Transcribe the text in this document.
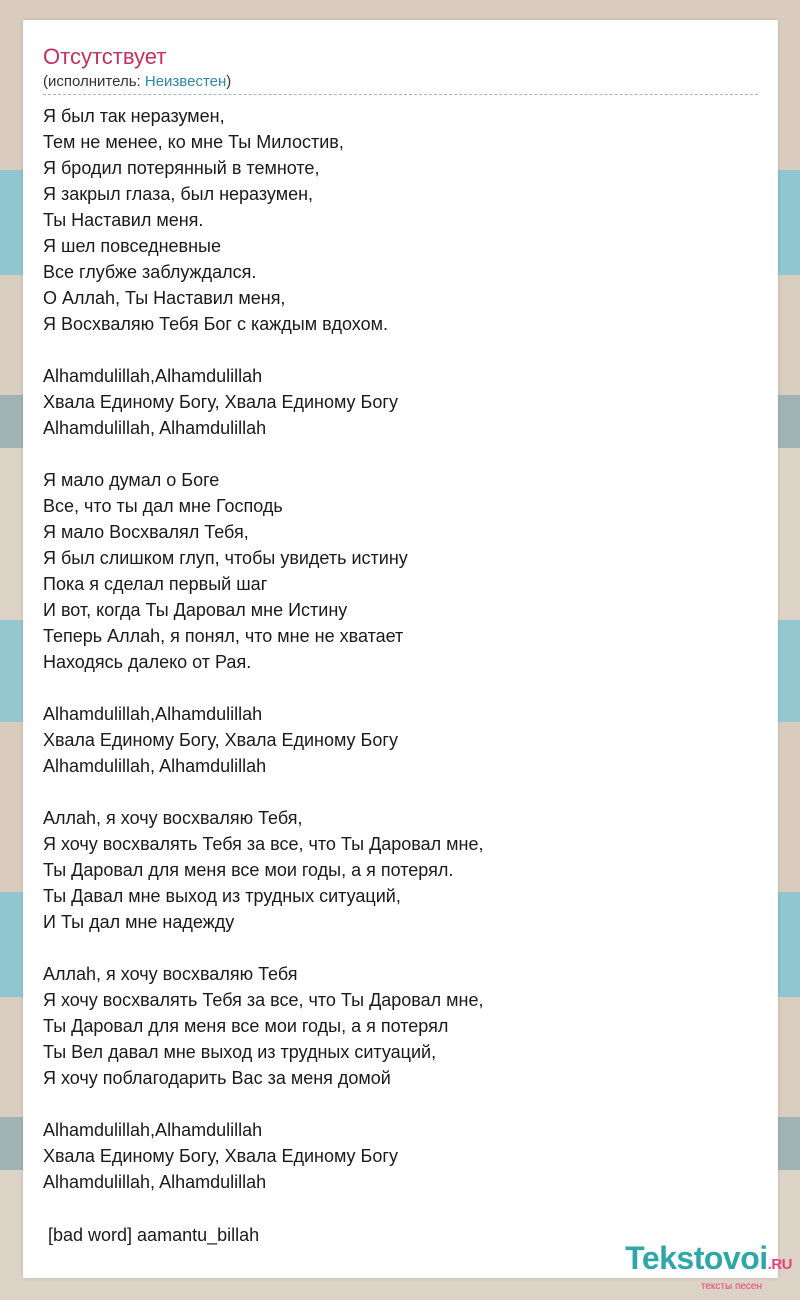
Отсутствует
(исполнитель: Неизвестен)
Я был так неразумен,
Тем не менее, ко мне Ты Милостив,
Я бродил потерянный в темноте,
Я закрыл глаза, был неразумен,
Ты Наставил меня.
Я шел повседневные
Все глубже заблуждался.
О Аллаh, Ты Наставил меня,
Я Восхваляю Тебя Бог с каждым вдохом.
Alhamdulillah,Alhamdulillah
Хвала Единому Богу, Хвала Единому Богу
Alhamdulillah, Alhamdulillah
Я мало думал о Боге
Все, что ты дал мне Господь
Я мало Восхвалял Тебя,
Я был слишком глуп, чтобы увидеть истину
Пока я сделал первый шаг
И вот, когда Ты Даровал мне Истину
Теперь Аллаh, я понял, что мне не хватает
Находясь далеко от Рая.
Alhamdulillah,Alhamdulillah
Хвала Единому Богу, Хвала Единому Богу
Alhamdulillah, Alhamdulillah
Аллаh, я хочу восхваляю Тебя,
Я хочу восхвалять Тебя за все, что Ты Даровал мне,
Ты Даровал для меня все мои годы, а я потерял.
Ты Давал мне выход из трудных ситуаций,
И Ты дал мне надежду
Аллаh, я хочу восхваляю Тебя
Я хочу восхвалять Тебя за все, что Ты Даровал мне,
Ты Даровал для меня все мои годы, а я потерял
Ты Вел давал мне выход из трудных ситуаций,
Я хочу поблагодарить Вас за меня домой
Alhamdulillah,Alhamdulillah
Хвала Единому Богу, Хвала Единому Богу
Alhamdulillah, Alhamdulillah
[bad word] aamantu_billah
Tekstovoi.RU
тексты песен
